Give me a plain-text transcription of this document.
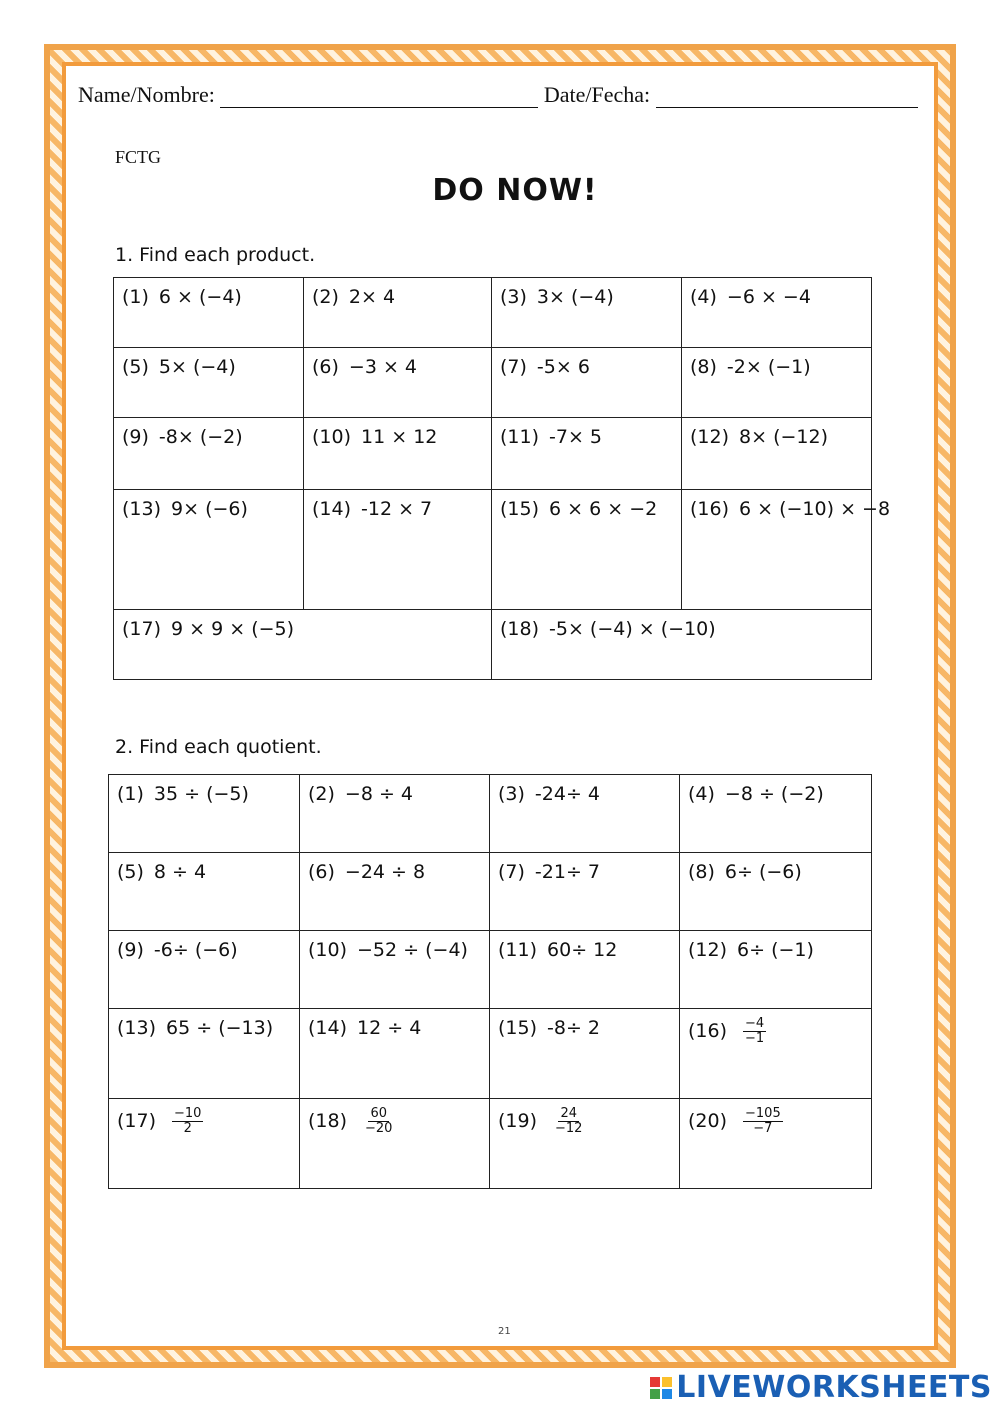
Name/Nombre:	Date/Fecha:
FCTG
DO NOW!
1. Find each product.
(1) 6 × (−4)	(2) 2× 4	(3) 3× (−4)	(4) −6 × −4
(5) 5× (−4)	(6) −3 × 4	(7) -5× 6	(8) -2× (−1)
(9) -8× (−2)	(10) 11 × 12	(11) -7× 5	(12) 8× (−12)
(13) 9× (−6)	(14) -12 × 7	(15) 6 × 6 × −2	(16) 6 × (−10) × −8
(17) 9 × 9 × (−5)		(18) -5× (−4) × (−10)	
2. Find each quotient.
(1) 35 ÷ (−5)	(2) −8 ÷ 4	(3) -24÷ 4	(4) −8 ÷ (−2)
(5) 8 ÷ 4	(6) −24 ÷ 8	(7) -21÷ 7	(8) 6÷ (−6)
(9) -6÷ (−6)	(10) −52 ÷ (−4)	(11) 60÷ 12	(12) 6÷ (−1)
(13) 65 ÷ (−13)	(14) 12 ÷ 4	(15) -8÷ 2	$(16) \frac{-4}{-1}$

$(17) \frac{-10}{2}$	$(18) \frac{60}{-20}$	$(19) \frac{24}{-12}$	$(20) \frac{-105}{-7}$
21
LIVEWORKSHEETS
